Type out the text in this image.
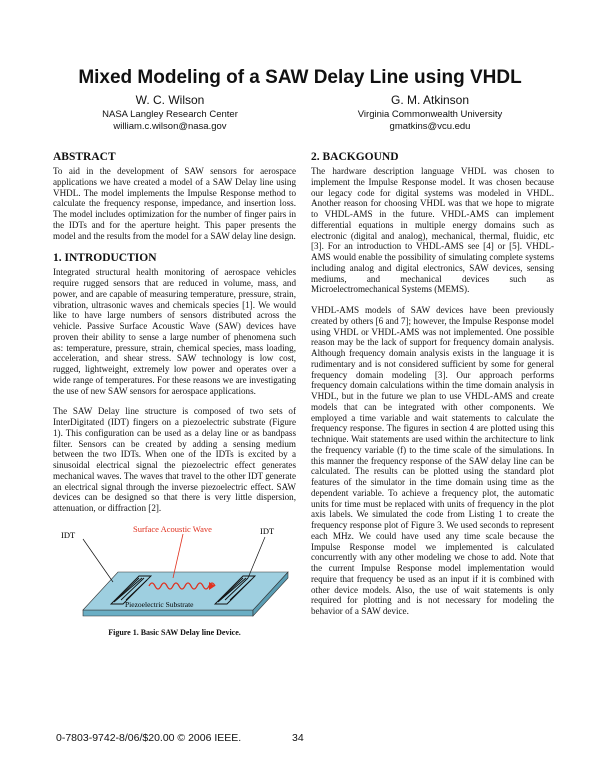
Mixed Modeling of a SAW Delay Line using VHDL
W. C. Wilson
NASA Langley Research Center
william.c.wilson@nasa.gov
G. M. Atkinson
Virginia Commonwealth University
gmatkins@vcu.edu
ABSTRACT

To aid in the development of SAW sensors for aerospace applications we have created a model of a SAW Delay line using VHDL. The model implements the Impulse Response method to calculate the frequency response, impedance, and insertion loss. The model includes optimization for the number of finger pairs in the IDTs and for the aperture height. This paper presents the model and the results from the model for a SAW delay line design.

1. INTRODUCTION

Integrated structural health monitoring of aerospace vehicles require rugged sensors that are reduced in volume, mass, and power, and are capable of measuring temperature, pressure, strain, vibration, ultrasonic waves and chemicals species [1]. We would like to have large numbers of sensors distributed across the vehicle. Passive Surface Acoustic Wave (SAW) devices have proven their ability to sense a large number of phenomena such as: temperature, pressure, strain, chemical species, mass loading, acceleration, and shear stress. SAW technology is low cost, rugged, lightweight, extremely low power and operates over a wide range of temperatures. For these reasons we are investigating the use of new SAW sensors for aerospace applications.

The SAW Delay line structure is composed of two sets of InterDigitated (IDT) fingers on a piezoelectric substrate (Figure 1). This configuration can be used as a delay line or as bandpass filter. Sensors can be created by adding a sensing medium between the two IDTs. When one of the IDTs is excited by a sinusoidal electrical signal the piezoelectric effect generates mechanical waves. The waves that travel to the other IDT generate an electrical signal through the inverse piezoelectric effect. SAW devices can be designed so that there is very little dispersion, attenuation, or diffraction [2].

IDT	IDT
Surface Acoustic Wave
Piezoelectric Substrate
Figure 1. Basic SAW Delay line Device.
2. BACKGOUND

The hardware description language VHDL was chosen to implement the Impulse Response model. It was chosen because our legacy code for digital systems was modeled in VHDL. Another reason for choosing VHDL was that we hope to migrate to VHDL-AMS in the future. VHDL-AMS can implement differential equations in multiple energy domains such as electronic (digital and analog), mechanical, thermal, fluidic, etc [3]. For an introduction to VHDL-AMS see [4] or [5]. VHDL-AMS would enable the possibility of simulating complete systems including analog and digital electronics, SAW devices, sensing mediums, and mechanical devices such as Microelectromechanical Systems (MEMS).

VHDL-AMS models of SAW devices have been previously created by others [6 and 7]; however, the Impulse Response model using VHDL or VHDL-AMS was not implemented. One possible reason may be the lack of support for frequency domain analysis. Although frequency domain analysis exists in the language it is rudimentary and is not considered sufficient by some for general frequency domain modeling [3]. Our approach performs frequency domain calculations within the time domain analysis in VHDL, but in the future we plan to use VHDL-AMS and create models that can be integrated with other components. We employed a time variable and wait statements to calculate the frequency response. The figures in section 4 are plotted using this technique. Wait statements are used within the architecture to link the frequency variable (f) to the time scale of the simulations. In this manner the frequency response of the SAW delay line can be calculated. The results can be plotted using the standard plot features of the simulator in the time domain using time as the dependent variable. To achieve a frequency plot, the automatic units for time must be replaced with units of frequency in the plot axis labels. We simulated the code from Listing 1 to create the frequency response plot of Figure 3. We used seconds to represent each MHz. We could have used any time scale because the Impulse Response model we implemented is calculated concurrently with any other modeling we chose to add. Note that the current Impulse Response model implementation would require that frequency be used as an input if it is combined with other device models. Also, the use of wait statements is only required for plotting and is not necessary for modeling the behavior of a SAW device.

0-7803-9742-8/06/$20.00 © 2006 IEEE.	34
